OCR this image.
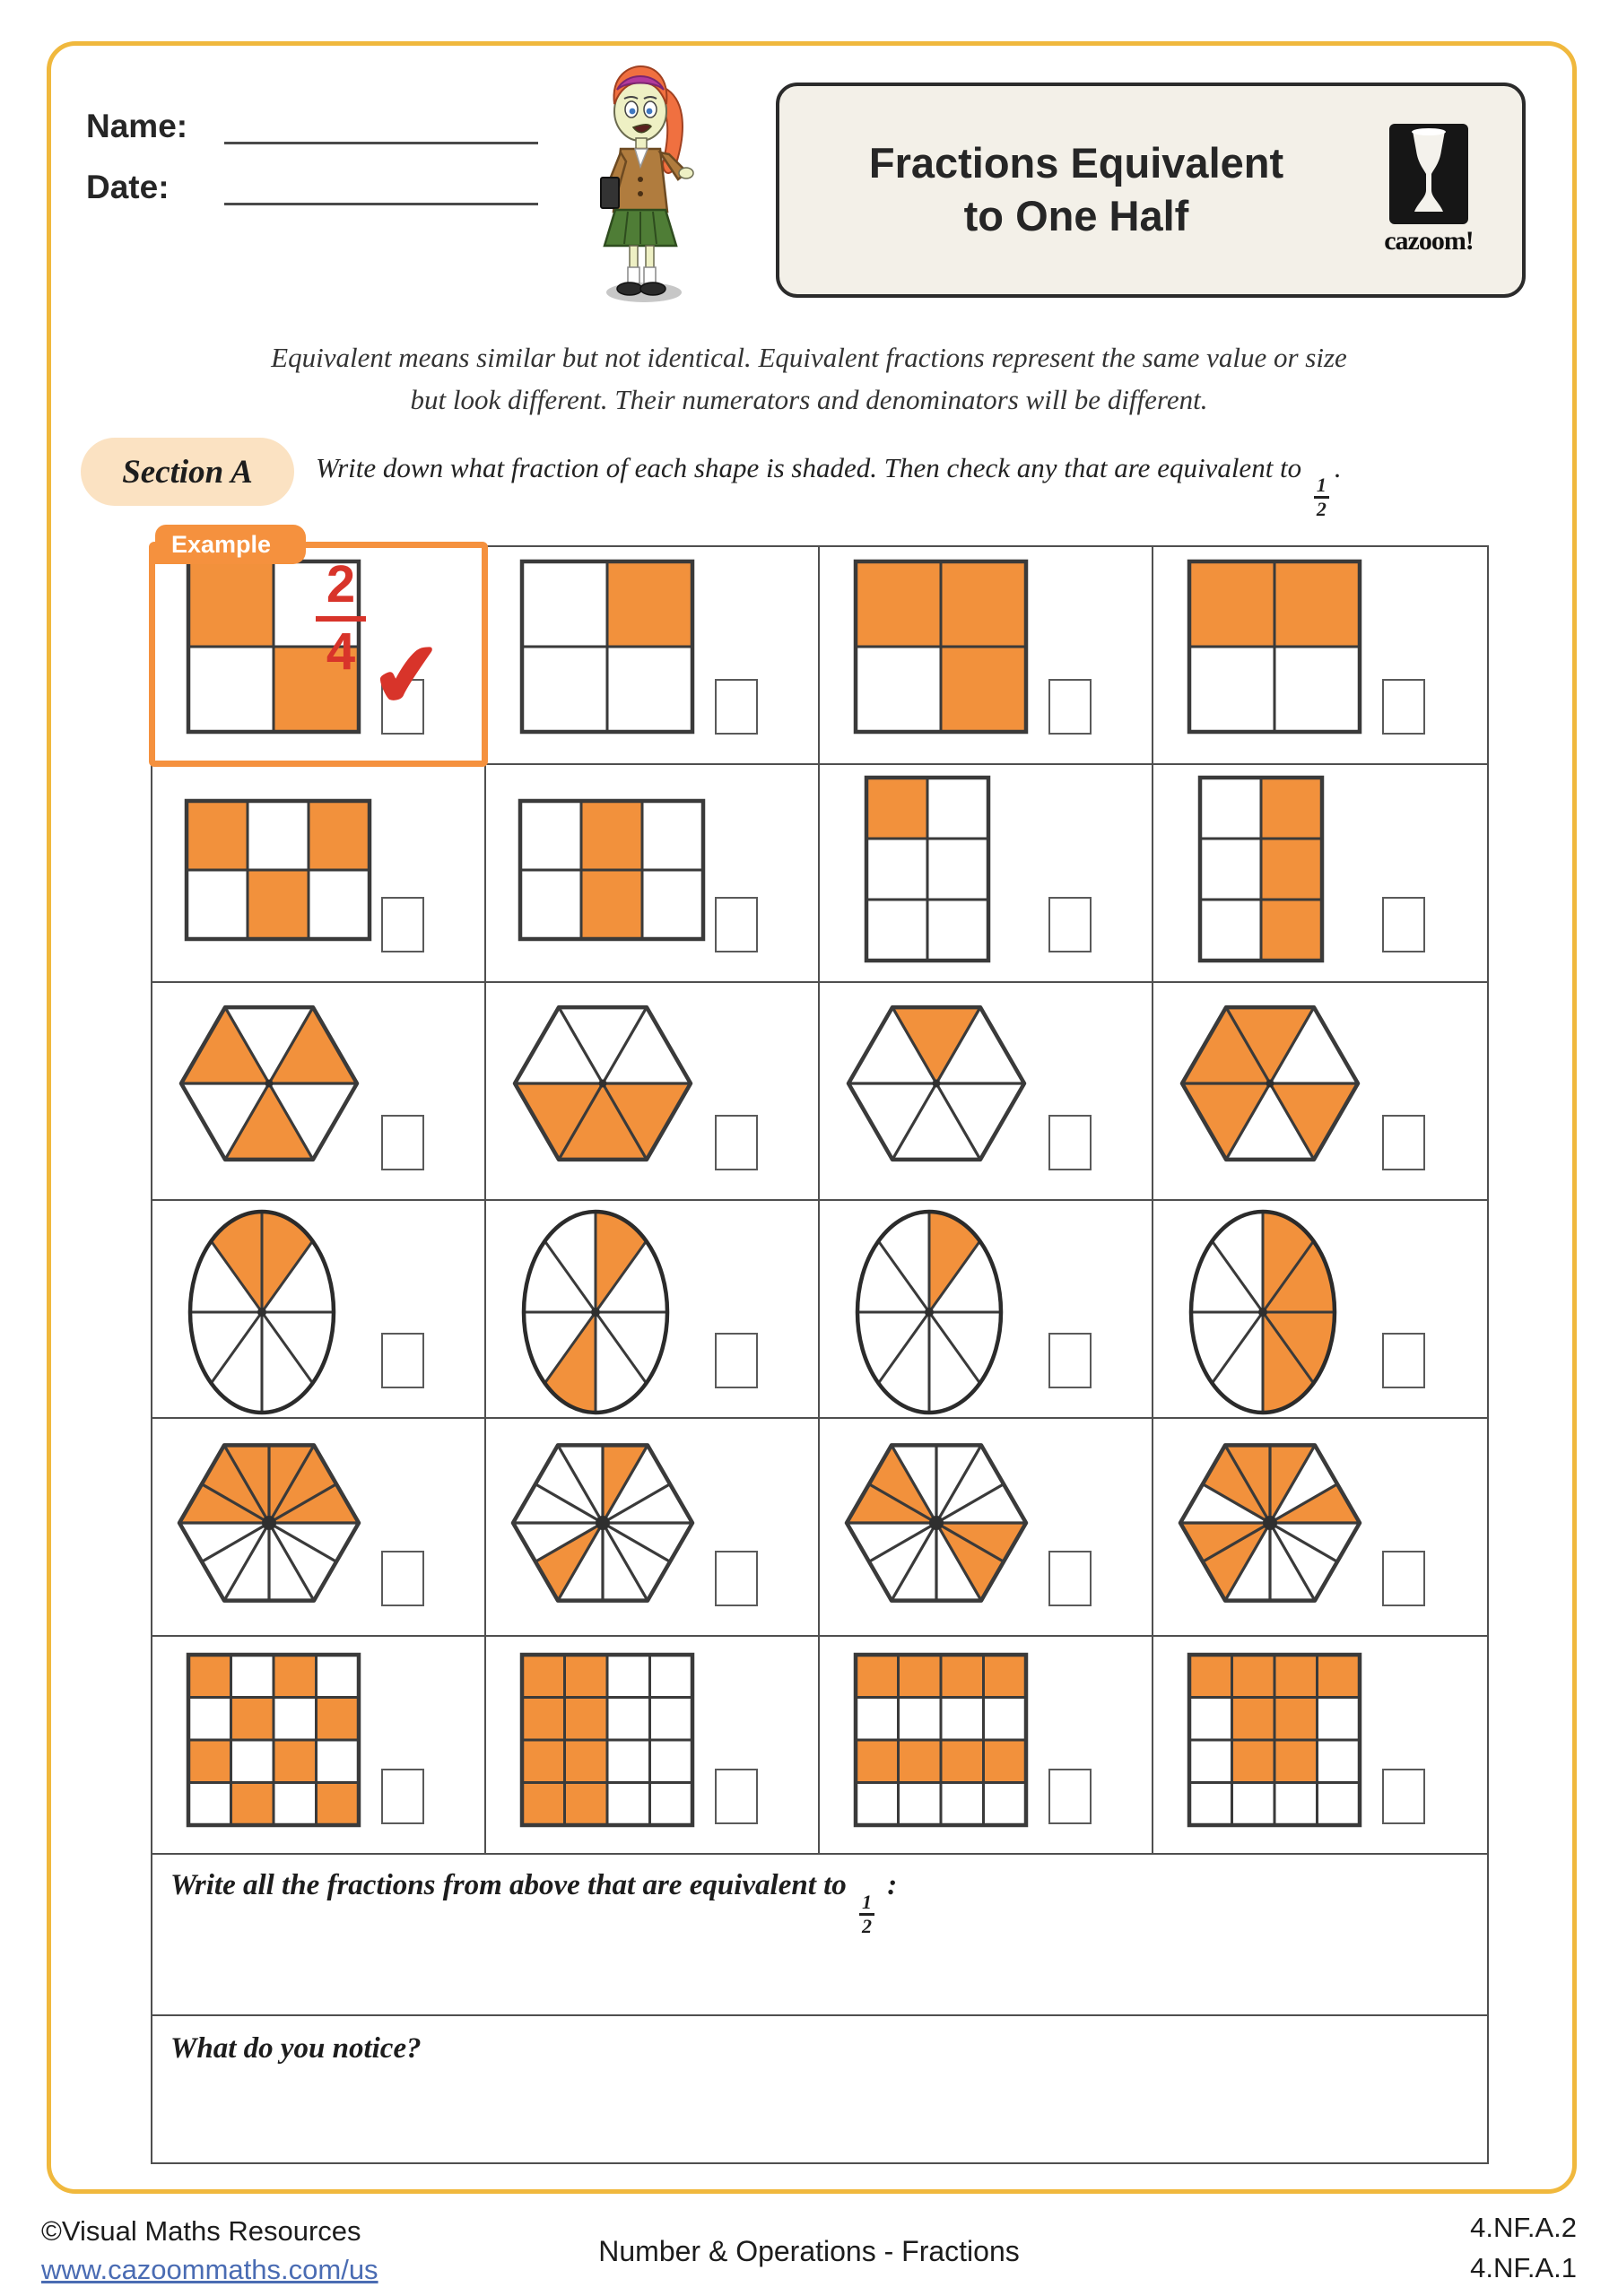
Name:
Date:
Fractions Equivalent
to One Half
cazoom!
Equivalent means similar but not identical. Equivalent fractions represent the same value or size
but look different. Their numerators and denominators will be different.
Section A	Write down what fraction of each shape is shaded. Then check any that are equivalent to
$\frac{1}{2}$
.
Example
2
4 ✔
Write all the fractions from above that are equivalent to
$\frac{1}{2}$
:
What do you notice?
©Visual Maths Resources
www.cazoommaths.com/us
Number & Operations - Fractions
4.NF.A.2
4.NF.A.1
